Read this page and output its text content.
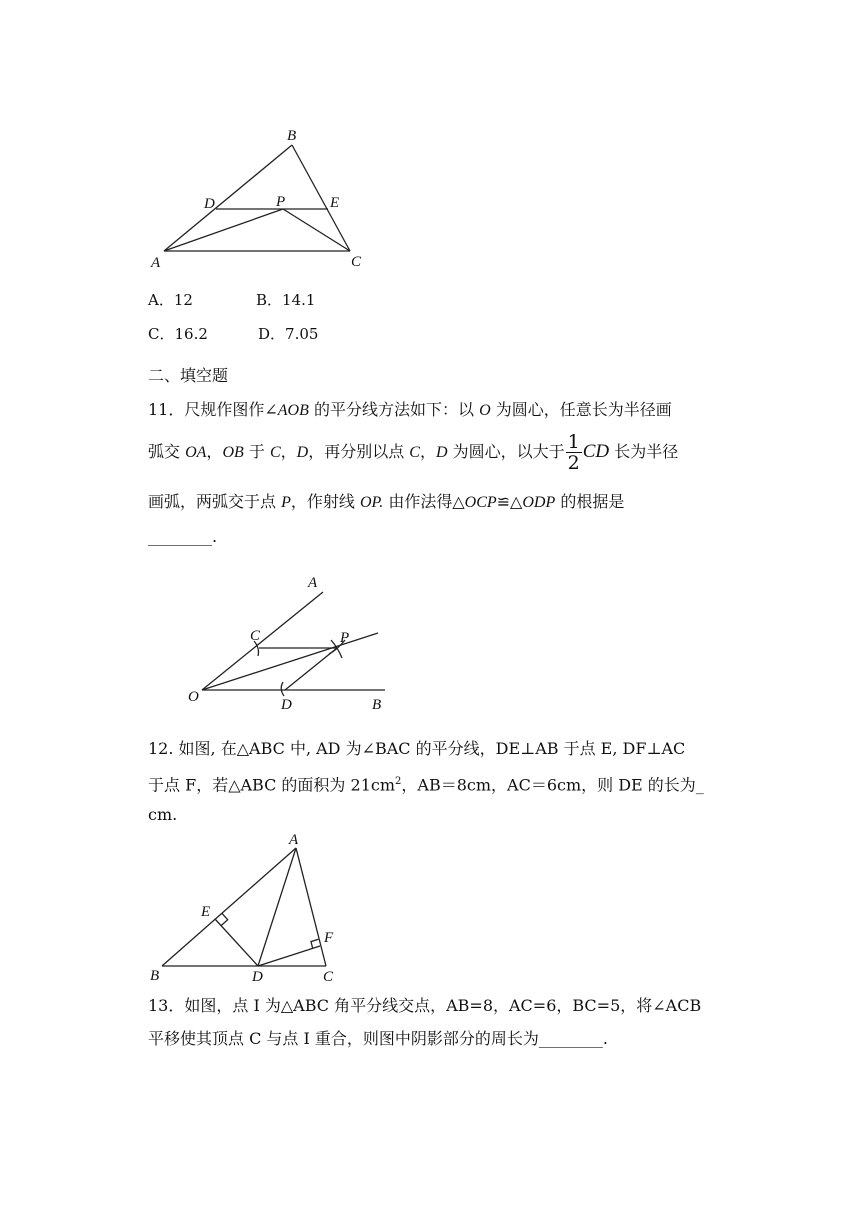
B
D	P	E
A	C
A．12	B．14.1
C．16.2	D．7.05
二、填空题
11．尺规作图作∠AOB 的平分线方法如下：以 O 为圆心，任意长为半径画
弧交 OA，OB 于 C，D，再分别以点 C，D 为圆心，以大于 $\frac{1}{2}$ CD 长为半径
画弧，两弧交于点 P，作射线 OP. 由作法得△OCP≌△ODP 的根据是
________.
A
C	P
O	D	B
12. 如图, 在△ABC 中, AD 为∠BAC 的平分线，DE⊥AB 于点 E, DF⊥AC
于点 F，若△ABC 的面积为 $21cm^2$，AB＝8cm，AC＝6cm，则 DE 的长为_
cm.
A
E
F
B	D	C
13．如图，点 I 为△ABC 角平分线交点，AB=8，AC=6，BC=5，将∠ACB
平移使其顶点 C 与点 I 重合，则图中阴影部分的周长为________.
